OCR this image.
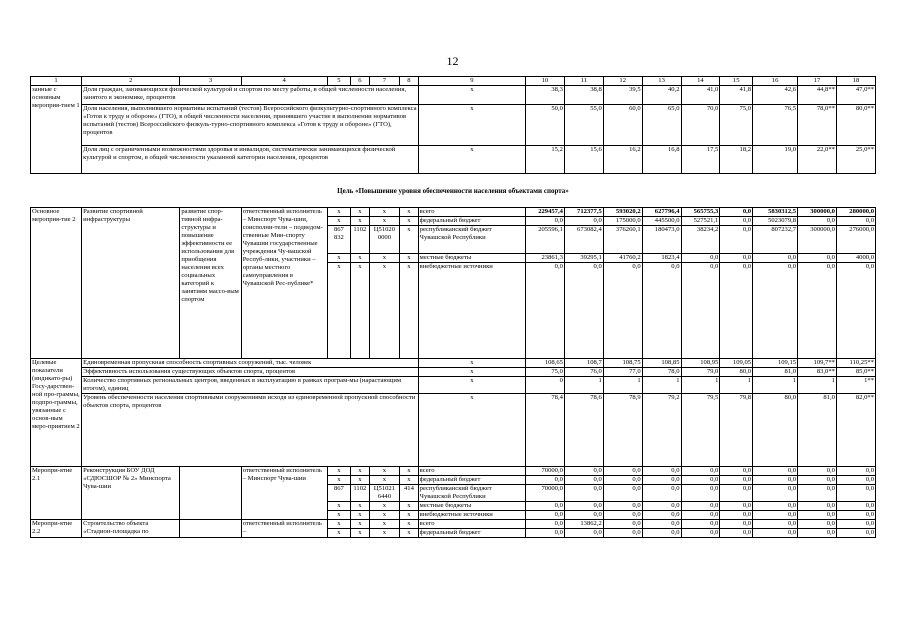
12
1	2	3	4	5	6	7	8	9	10	11	12	13	14	15	16	17	18
занные с основным мероприя-тием 1	Доля граждан, занимающихся физической культурой и спортом по месту работы, в общей численности населения, занятого в экономике, процентов							x	38,3	38,8	39,5	40,2	41,0	41,8	42,6	44,8**	47,0**
	Доля населения, выполнившего нормативы испытаний (тестов) Всероссийского физкультурно-спортивного комплекса «Готов к труду и обороне» (ГТО), в общей численности населения, принявшего участие в выполнении нормативов испытаний (тестов) Всероссийского физкуль-турно-спортивного комплекса «Готов к труду и обороне» (ГТО), процентов							x	50,0	55,0	60,0	65,0	70,0	75,0	76,5	78,0**	80,0**
	Доля лиц с ограниченными возможностями здоровья и инвалидов, систематически занимающихся физической культурой и спортом, в общей численности указанной категории населения, процентов							x	15,2	15,6	16,2	16,8	17,5	18,2	19,0	22,0**	25,0**
Цель «Повышение уровня обеспеченности населения объектами спорта»
Основное мероприя-тие 2	Развитие спортивной инфраструктуры	развитие спор-тивной инфра-структуры и повышение эффективности ее использования для приобщения населения всех социальных категорий к занятиям массо-вым спортом	ответственный исполнитель – Минспорт Чува-шии, соисполни-тели – подведом-ственные Мин-спорту Чувашии государственные учреждения Чу-вашской Респуб-лики, участники – органы местного самоуправления в Чувашской Рес-публике*	x	x	x	x	всего	229457,4	712377,5	593020,2	627796,4	565755,3	0,0	5830312,5	300000,0	280000,0
				x	x	x	x	федеральный бюджет	0,0	0,0	175000,0	445500,0	527521,1	0,0	5023079,8	0,0	0,0
				867 832	1102	Ц51020 0000	x	республиканский бюджет Чувашской Республики	205596,1	673082,4	376260,1	180473,0	38234,2	0,0	807232,7	300000,0	276000,0
				x	x	x	x	местные бюджеты	23861,3	39295,1	41760,2	1823,4	0,0	0,0	0,0	0,0	4000,0
				x	x	x	x	внебюджетные источники	0,0	0,0	0,0	0,0	0,0	0,0	0,0	0,0	0,0
Целевые показатели (индикато-ры) Госу-дарствен-ной про-граммы, подпро-граммы, увязанные с основ-ным меро-приятием 2	Единовременная пропускная способность спортивных сооружений, тыс. человек							x	108,65	108,7	108,75	108,85	108,95	109,05	109,15	109,7**	110,25**
	Эффективность использования существующих объектов спорта, процентов							x	75,0	76,0	77,0	78,0	79,0	80,0	81,0	83,0**	85,0**
	Количество спортивных региональных центров, введенных в эксплуатацию в рамках програм-мы (нарастающим итогом), единиц							x	0	1	1	1	1	1	1	1	1**
	Уровень обеспеченности населения спортивными сооружениями исходя из единовременной пропускной способности объектов спорта, процентов							x	78,4	78,6	78,9	79,2	79,5	79,8	80,0	81,0	82,0**
Меропри-ятие 2.1	Реконструкция БОУ ДОД «СДЮСШОР № 2» Минспорта Чува-шии		ответственный исполнитель – Минспорт Чува-шии	x	x	x	x	всего	70000,0	0,0	0,0	0,0	0,0	0,0	0,0	0,0	0,0
				x	x	x	x	федеральный бюджет	0,0	0,0	0,0	0,0	0,0	0,0	0,0	0,0	0,0
				867	1102	Ц51021 6440	414	республиканский бюджет Чувашской Республики	70000,0	0,0	0,0	0,0	0,0	0,0	0,0	0,0	0,0
				x	x	x	x	местные бюджеты	0,0	0,0	0,0	0,0	0,0	0,0	0,0	0,0	0,0
				x	x	x	x	внебюджетные источники	0,0	0,0	0,0	0,0	0,0	0,0	0,0	0,0	0,0
Меропри-ятие 2.2	Строительство объекта «Стадион-площадка по		ответственный исполнитель –	x	x	x	x	всего	0,0	13862,2	0,0	0,0	0,0	0,0	0,0	0,0	0,0
				x	x	x	x	федеральный бюджет	0,0	0,0	0,0	0,0	0,0	0,0	0,0	0,0	0,0
